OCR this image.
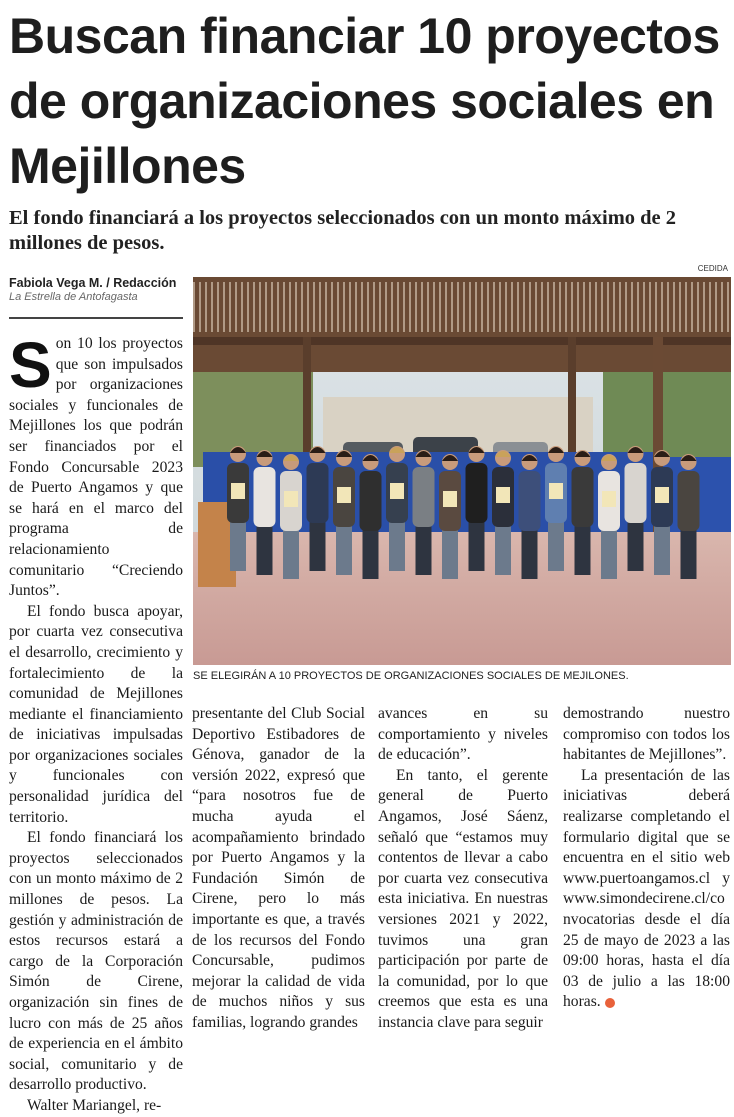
Buscan financiar 10 proyectos de organizaciones sociales en Mejillones
El fondo financiará a los proyectos seleccionados con un monto máximo de 2 millones de pesos.
Fabiola Vega M. / Redacción
La Estrella de Antofagasta
CEDIDA
SE ELEGIRÁN A 10 PROYECTOS DE ORGANIZACIONES SOCIALES DE MEJILONES.

Son 10 los proyectos que son impulsados por organizaciones sociales y funcionales de Mejillones los que podrán ser financiados por el Fondo Concursable 2023 de Puerto Angamos y que se hará en el marco del programa de relacionamiento comunitario “Creciendo Juntos”.

El fondo busca apoyar, por cuarta vez consecutiva el desarrollo, crecimiento y fortalecimiento de la comunidad de Mejillones mediante el financiamiento de iniciativas impulsadas por organizaciones sociales y funcionales con personalidad jurídica del territorio.

El fondo financiará los proyectos seleccionados con un monto máximo de 2 millones de pesos. La gestión y administración de estos recursos estará a cargo de la Corporación Simón de Cirene, organización sin fines de lucro con más de 25 años de experiencia en el ámbito social, comunitario y de desarrollo productivo.

Walter Mariangel, re-

presentante del Club Social Deportivo Estibadores de Génova, ganador de la versión 2022, expresó que “para nosotros fue de mucha ayuda el acompañamiento brindado por Puerto Angamos y la Fundación Simón de Cirene, pero lo más importante es que, a través de los recursos del Fondo Concursable, pudimos mejorar la calidad de vida de muchos niños y sus familias, logrando grandes

avances en su comportamiento y niveles de educación”.

En tanto, el gerente general de Puerto Angamos, José Sáenz, señaló que “estamos muy contentos de llevar a cabo por cuarta vez consecutiva esta iniciativa. En nuestras versiones 2021 y 2022, tuvimos una gran participación por parte de la comunidad, por lo que creemos que esta es una instancia clave para seguir

demostrando nuestro compromiso con todos los habitantes de Mejillones”.

La presentación de las iniciativas deberá realizarse completando el formulario digital que se encuentra en el sitio web www.puertoangamos.cl y www.simondecirene.cl/convocatorias desde el día 25 de mayo de 2023 a las 09:00 horas, hasta el día 03 de julio a las 18:00 horas.	✪
